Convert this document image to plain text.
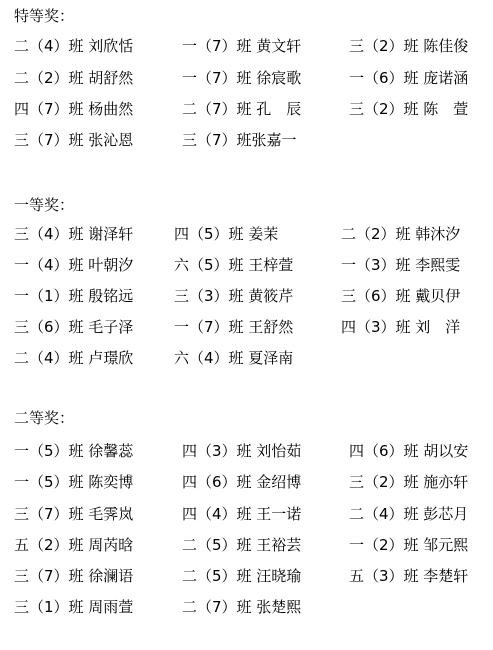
特等奖：
二（4）班 刘欣恬	一（7）班 黄文轩	三（2）班 陈佳俊
二（2）班 胡舒然	一（7）班 徐宸歌	一（6）班 庞诺涵
四（7）班 杨曲然	二（7）班 孔　辰	三（2）班 陈　萱
三（7）班 张沁恩	三（7）班张嘉一
一等奖：
三（4）班 谢泽轩	四（5）班 姜茉	二（2）班 韩沐汐
一（4）班 叶朝汐	六（5）班 王梓萱	一（3）班 李熙雯
一（1）班 殷铭远	三（3）班 黄筱芹	三（6）班 戴贝伊
三（6）班 毛子泽	一（7）班 王舒然	四（3）班 刘　洋
二（4）班 卢璟欣	六（4）班 夏泽南
二等奖：
一（5）班 徐馨蕊	四（3）班 刘怡茹	四（6）班 胡以安
一（5）班 陈奕博	四（6）班 金绍博	三（2）班 施亦轩
三（7）班 毛霁岚	四（4）班 王一诺	二（4）班 彭芯月
五（2）班 周芮晗	二（5）班 王裕芸	一（2）班 邹元熙
三（7）班 徐澜语	二（5）班 汪晓瑜	五（3）班 李楚轩
三（1）班 周雨萱	二（7）班 张楚熙
